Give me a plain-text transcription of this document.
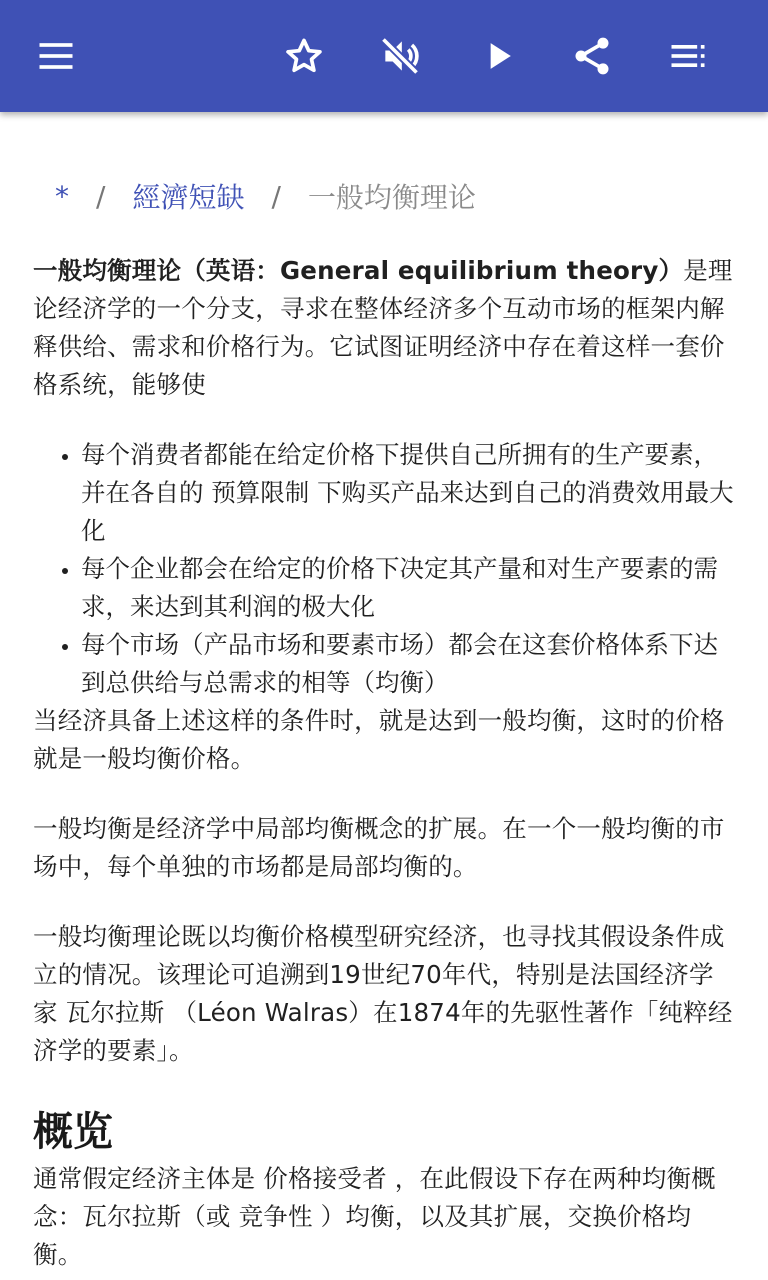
* / 經濟短缺 / 一般均衡理论

一般均衡理论（英语：General equilibrium theory）是理论经济学的一个分支，寻求在整体经济多个互动市场的框架内解释供给、需求和价格行为。它试图证明经济中存在着这样一套价格系统，能够使

• 每个消费者都能在给定价格下提供自己所拥有的生产要素，并在各自的 预算限制 下购买产品来达到自己的消费效用最大化
• 每个企业都会在给定的价格下决定其产量和对生产要素的需求，来达到其利润的极大化
• 每个市场（产品市场和要素市场）都会在这套价格体系下达到总供给与总需求的相等（均衡）

当经济具备上述这样的条件时，就是达到一般均衡，这时的价格就是一般均衡价格。

一般均衡是经济学中局部均衡概念的扩展。在一个一般均衡的市场中，每个单独的市场都是局部均衡的。

一般均衡理论既以均衡价格模型研究经济，也寻找其假设条件成立的情况。该理论可追溯到19世纪70年代，特别是法国经济学家 瓦尔拉斯 （Léon Walras）在1874年的先驱性著作「纯粹经济学的要素」。

概览

通常假定经济主体是 价格接受者 ，在此假设下存在两种均衡概念：瓦尔拉斯（或 竞争性 ）均衡，以及其扩展，交换价格均衡。
